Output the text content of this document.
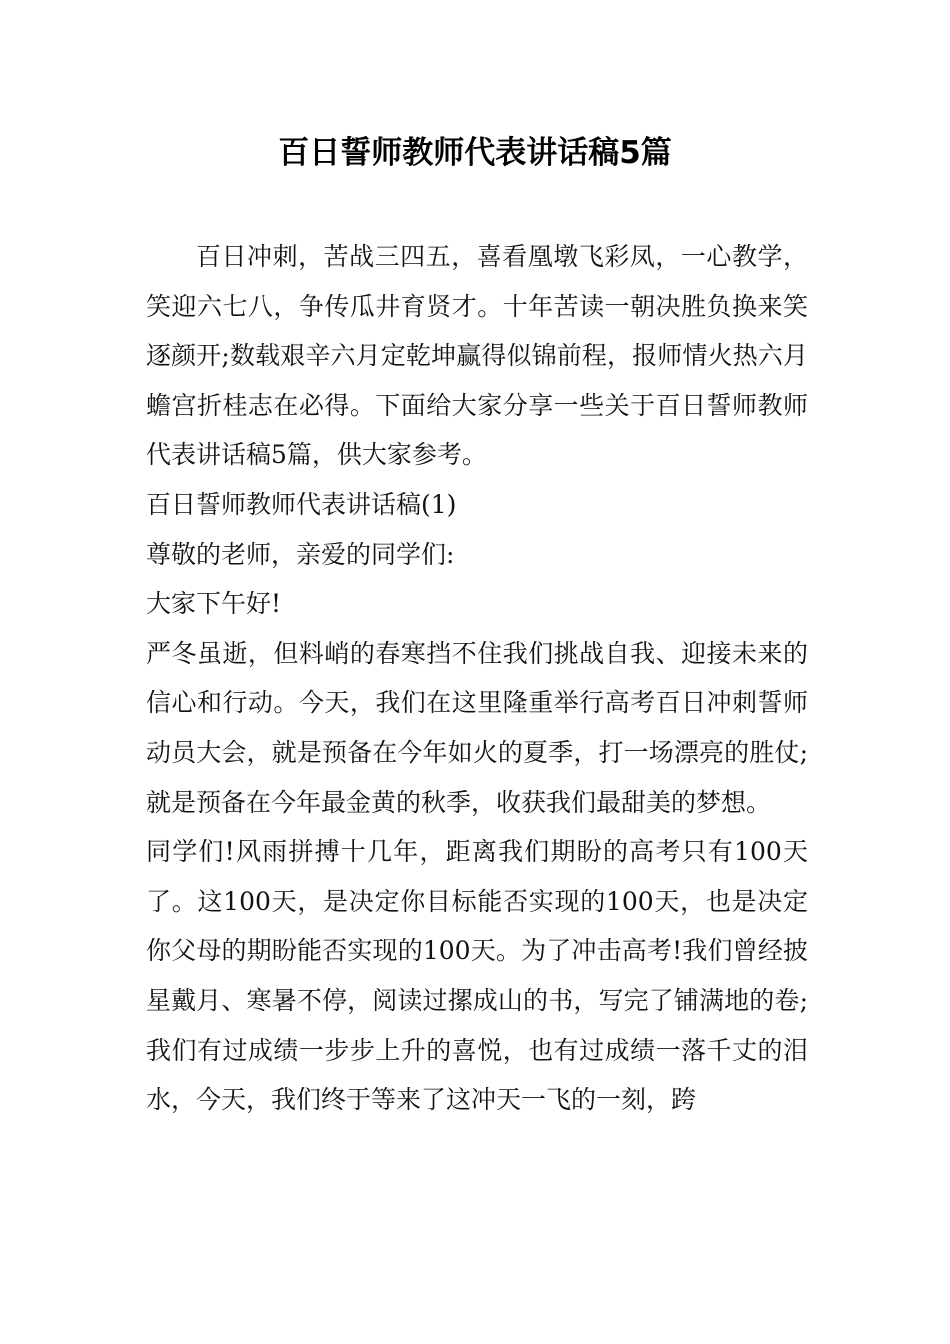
百日誓师教师代表讲话稿5篇

百日冲刺，苦战三四五，喜看凰墩飞彩凤，一心教学，笑迎六七八，争传瓜井育贤才。十年苦读一朝决胜负换来笑逐颜开;数载艰辛六月定乾坤赢得似锦前程，报师情火热六月蟾宫折桂志在必得。下面给大家分享一些关于百日誓师教师代表讲话稿5篇，供大家参考。

百日誓师教师代表讲话稿(1)

尊敬的老师，亲爱的同学们:

大家下午好!

严冬虽逝，但料峭的春寒挡不住我们挑战自我、迎接未来的信心和行动。今天，我们在这里隆重举行高考百日冲刺誓师动员大会，就是预备在今年如火的夏季，打一场漂亮的胜仗;就是预备在今年最金黄的秋季，收获我们最甜美的梦想。

同学们!风雨拼搏十几年，距离我们期盼的高考只有100天了。这100天，是决定你目标能否实现的100天，也是决定你父母的期盼能否实现的100天。为了冲击高考!我们曾经披星戴月、寒暑不停，阅读过摞成山的书，写完了铺满地的卷;我们有过成绩一步步上升的喜悦，也有过成绩一落千丈的泪水，今天，我们终于等来了这冲天一飞的一刻，跨
